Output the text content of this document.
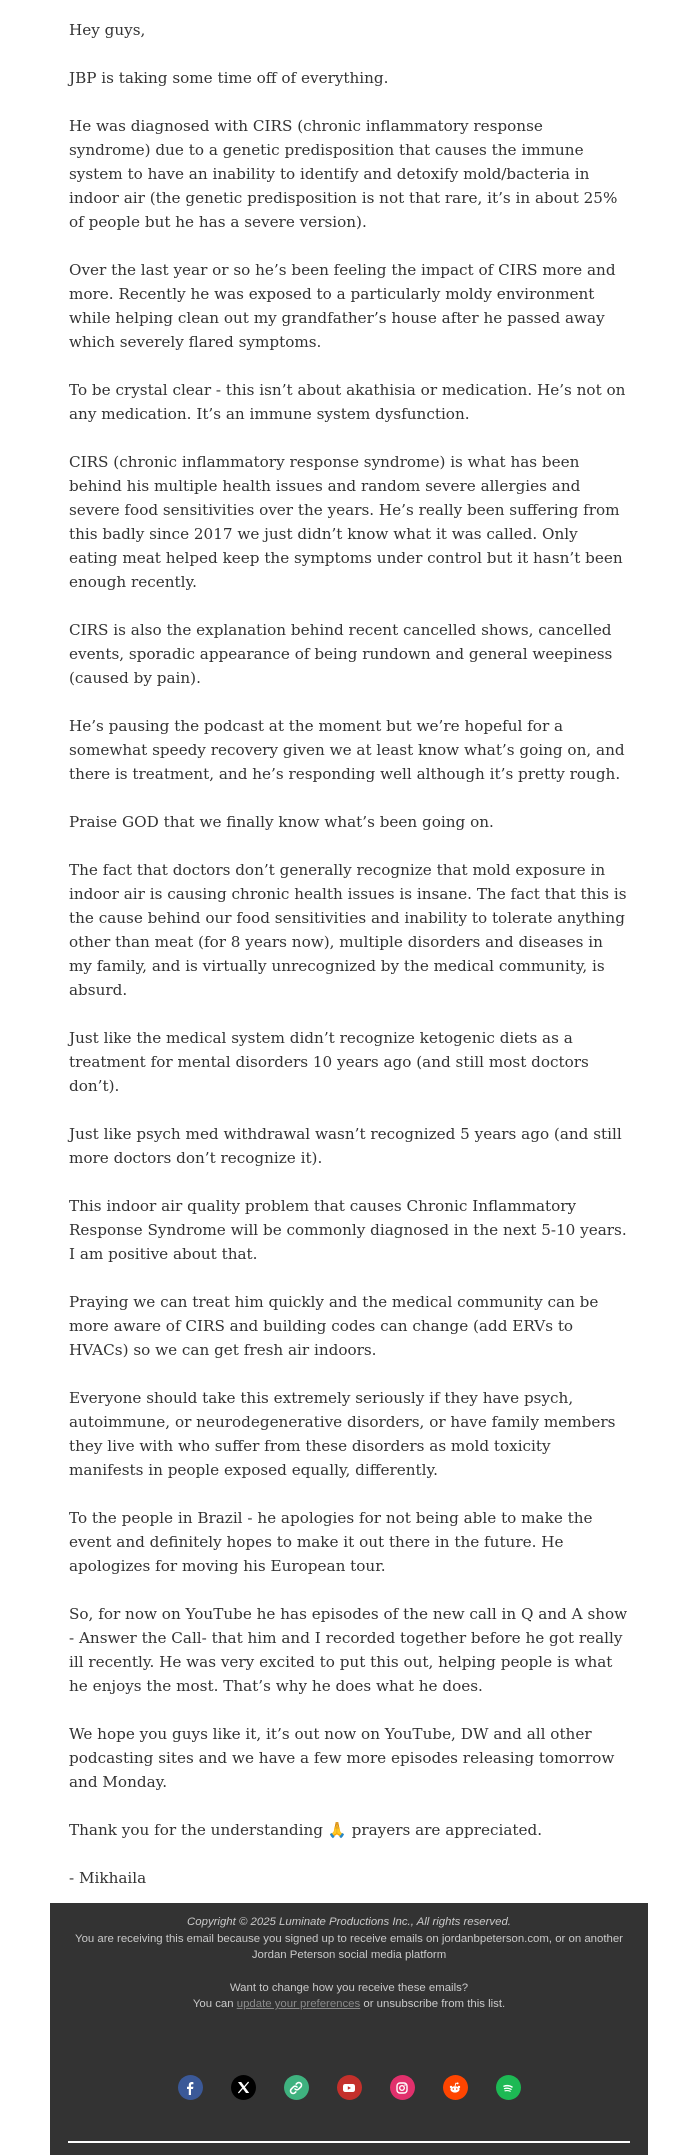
Hey guys,

JBP is taking some time off of everything.

He was diagnosed with CIRS (chronic inflammatory response syndrome) due to a genetic predisposition that causes the immune system to have an inability to identify and detoxify mold/bacteria in indoor air (the genetic predisposition is not that rare, it’s in about 25% of people but he has a severe version).

Over the last year or so he’s been feeling the impact of CIRS more and more. Recently he was exposed to a particularly moldy environment while helping clean out my grandfather’s house after he passed away which severely flared symptoms.

To be crystal clear - this isn’t about akathisia or medication. He’s not on any medication. It’s an immune system dysfunction.

CIRS (chronic inflammatory response syndrome) is what has been behind his multiple health issues and random severe allergies and severe food sensitivities over the years. He’s really been suffering from this badly since 2017 we just didn’t know what it was called. Only eating meat helped keep the symptoms under control but it hasn’t been enough recently.

CIRS is also the explanation behind recent cancelled shows, cancelled events, sporadic appearance of being rundown and general weepiness (caused by pain).

He’s pausing the podcast at the moment but we’re hopeful for a somewhat speedy recovery given we at least know what’s going on, and there is treatment, and he’s responding well although it’s pretty rough.

Praise GOD that we finally know what’s been going on.

The fact that doctors don’t generally recognize that mold exposure in indoor air is causing chronic health issues is insane. The fact that this is the cause behind our food sensitivities and inability to tolerate anything other than meat (for 8 years now), multiple disorders and diseases in my family, and is virtually unrecognized by the medical community, is absurd.

Just like the medical system didn’t recognize ketogenic diets as a treatment for mental disorders 10 years ago (and still most doctors don’t).

Just like psych med withdrawal wasn’t recognized 5 years ago (and still more doctors don’t recognize it).

This indoor air quality problem that causes Chronic Inflammatory Response Syndrome will be commonly diagnosed in the next 5-10 years. I am positive about that.

Praying we can treat him quickly and the medical community can be more aware of CIRS and building codes can change (add ERVs to HVACs) so we can get fresh air indoors.

Everyone should take this extremely seriously if they have psych, autoimmune, or neurodegenerative disorders, or have family members they live with who suffer from these disorders as mold toxicity manifests in people exposed equally, differently.

To the people in Brazil - he apologies for not being able to make the event and definitely hopes to make it out there in the future. He apologizes for moving his European tour.

So, for now on YouTube he has episodes of the new call in Q and A show - Answer the Call- that him and I recorded together before he got really ill recently. He was very excited to put this out, helping people is what he enjoys the most. That’s why he does what he does.

We hope you guys like it, it’s out now on YouTube, DW and all other podcasting sites and we have a few more episodes releasing tomorrow and Monday.

Thank you for the understanding 🙏 prayers are appreciated.

- Mikhaila

Copyright © 2025 Luminate Productions Inc., All rights reserved.
You are receiving this email because you signed up to receive emails on jordanbpeterson.com, or on another Jordan Peterson social media platform
Want to change how you receive these emails?
You can update your preferences or unsubscribe from this list.
